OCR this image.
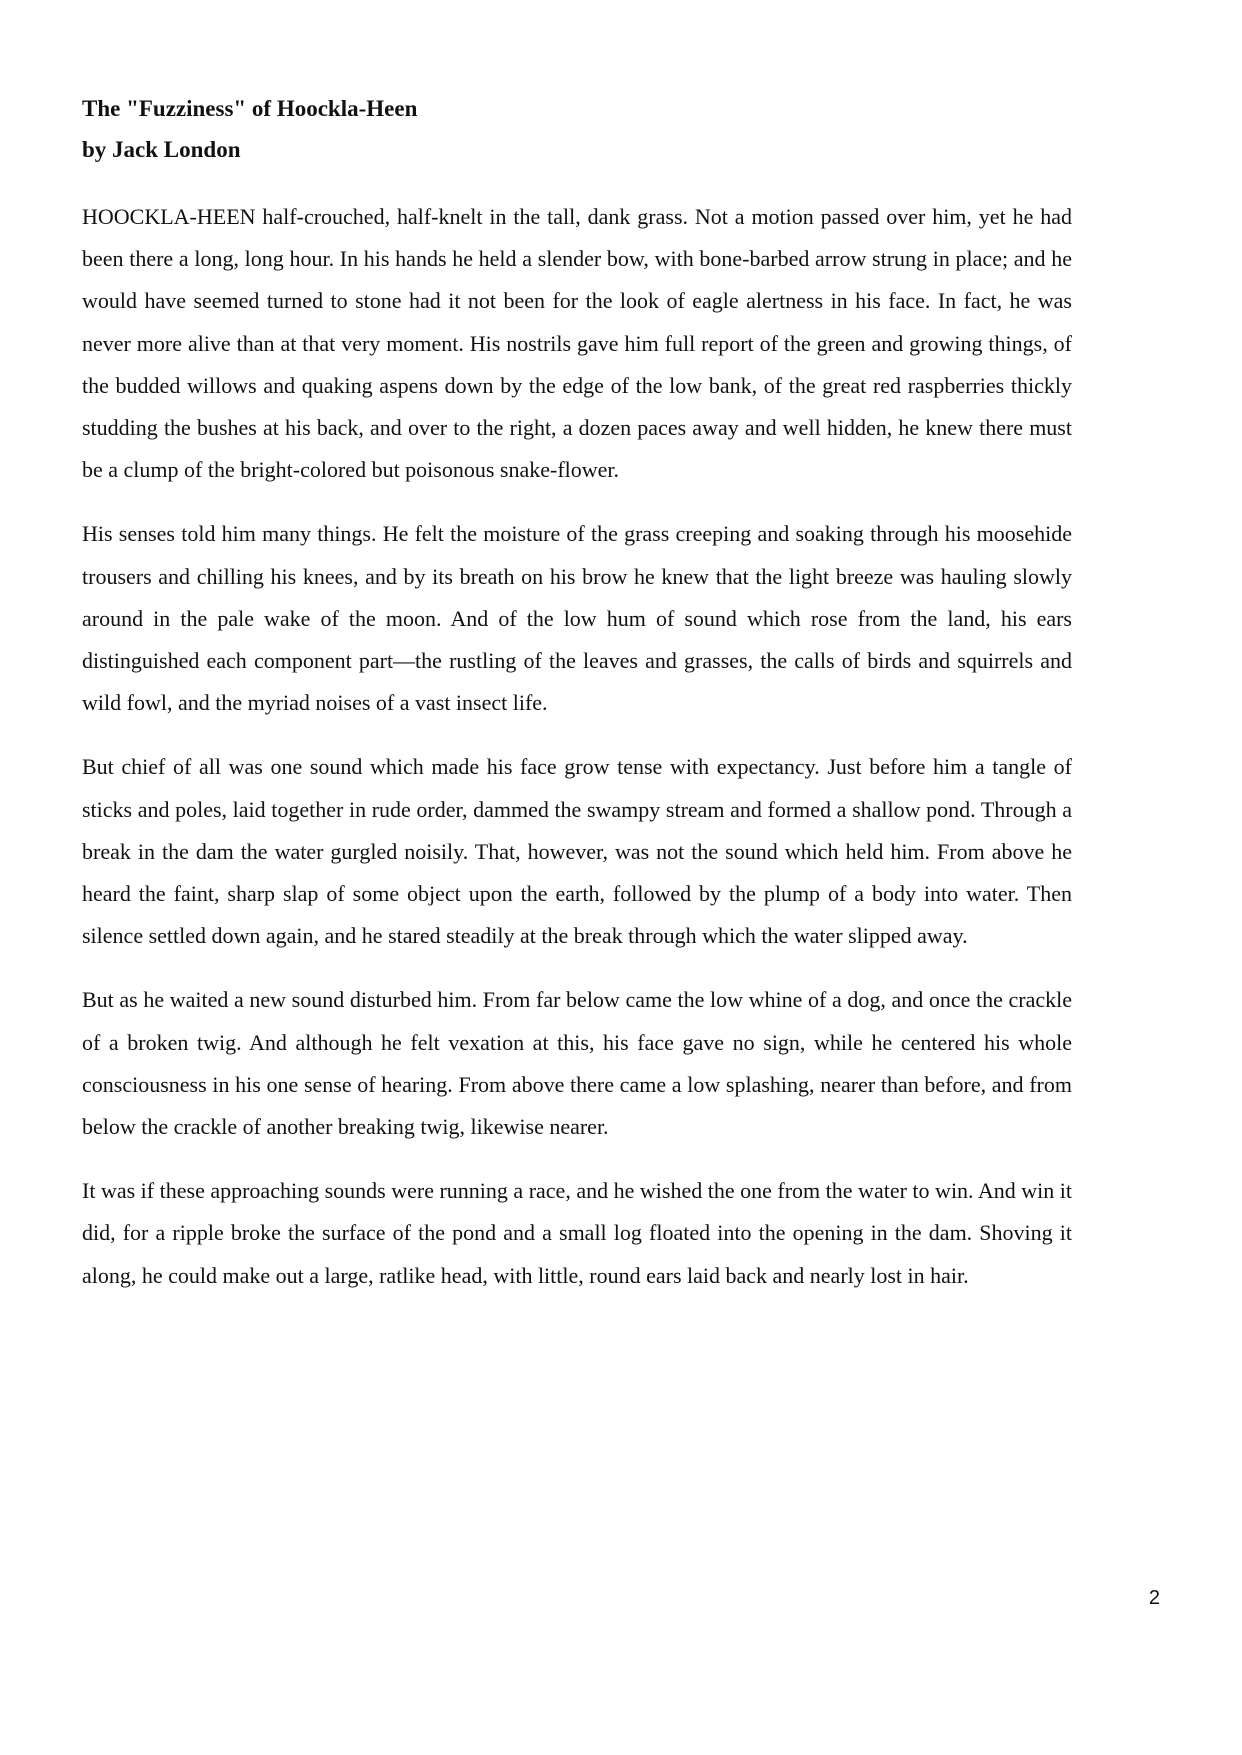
The "Fuzziness" of Hoockla-Heen

by Jack London

HOOCKLA-HEEN half-crouched, half-knelt in the tall, dank grass. Not a motion passed over him, yet he had been there a long, long hour. In his hands he held a slender bow, with bone-barbed arrow strung in place; and he would have seemed turned to stone had it not been for the look of eagle alertness in his face. In fact, he was never more alive than at that very moment. His nostrils gave him full report of the green and growing things, of the budded willows and quaking aspens down by the edge of the low bank, of the great red raspberries thickly studding the bushes at his back, and over to the right, a dozen paces away and well hidden, he knew there must be a clump of the bright-colored but poisonous snake-flower.

His senses told him many things. He felt the moisture of the grass creeping and soaking through his moosehide trousers and chilling his knees, and by its breath on his brow he knew that the light breeze was hauling slowly around in the pale wake of the moon. And of the low hum of sound which rose from the land, his ears distinguished each component part—the rustling of the leaves and grasses, the calls of birds and squirrels and wild fowl, and the myriad noises of a vast insect life.

But chief of all was one sound which made his face grow tense with expectancy. Just before him a tangle of sticks and poles, laid together in rude order, dammed the swampy stream and formed a shallow pond. Through a break in the dam the water gurgled noisily. That, however, was not the sound which held him. From above he heard the faint, sharp slap of some object upon the earth, followed by the plump of a body into water. Then silence settled down again, and he stared steadily at the break through which the water slipped away.

But as he waited a new sound disturbed him. From far below came the low whine of a dog, and once the crackle of a broken twig. And although he felt vexation at this, his face gave no sign, while he centered his whole consciousness in his one sense of hearing. From above there came a low splashing, nearer than before, and from below the crackle of another breaking twig, likewise nearer.

It was if these approaching sounds were running a race, and he wished the one from the water to win. And win it did, for a ripple broke the surface of the pond and a small log floated into the opening in the dam. Shoving it along, he could make out a large, ratlike head, with little, round ears laid back and nearly lost in hair.

2
